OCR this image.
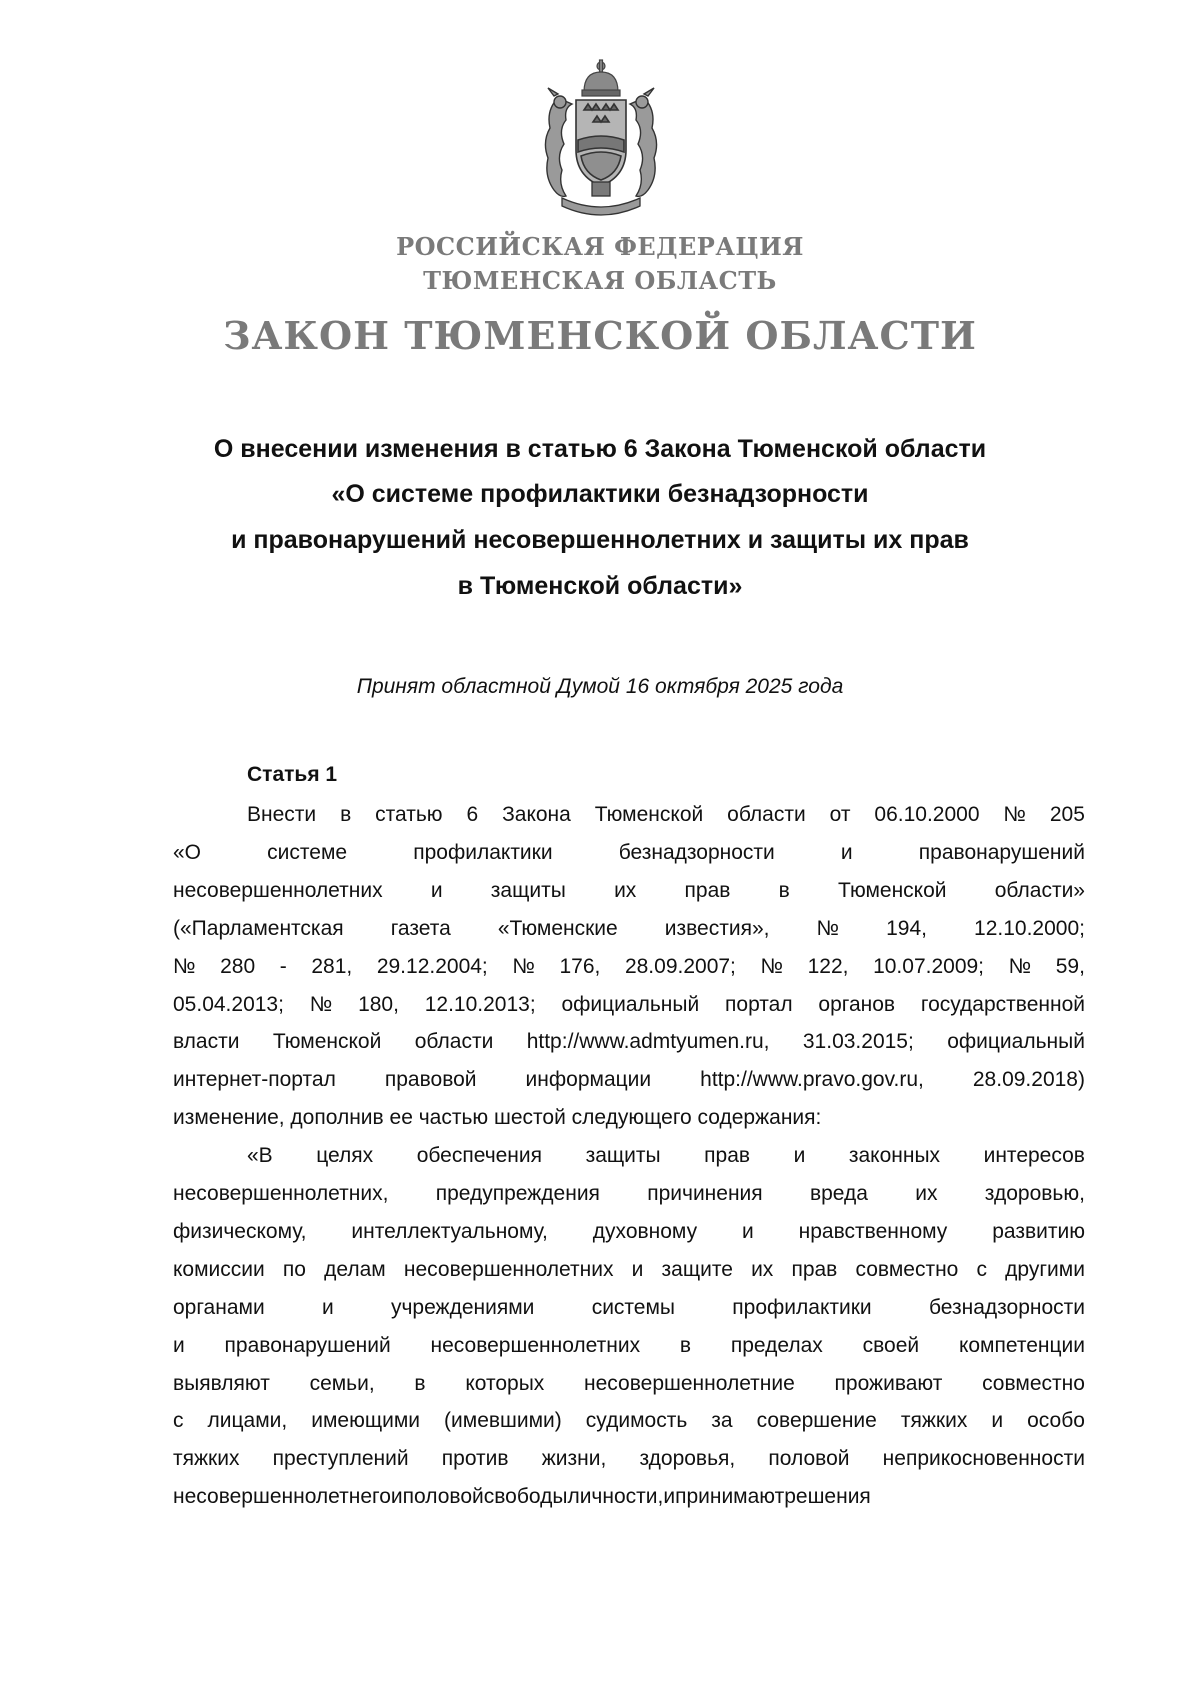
РОССИЙСКАЯ ФЕДЕРАЦИЯ
ТЮМЕНСКАЯ ОБЛАСТЬ
ЗАКОН ТЮМЕНСКОЙ ОБЛАСТИ
О внесении изменения в статью 6 Закона Тюменской области
«О системе профилактики безнадзорности
и правонарушений несовершеннолетних и защиты их прав
в Тюменской области»
Принят областной Думой 16 октября 2025 года
Статья 1
Внести в статью 6 Закона Тюменской области от 06.10.2000 № 205
«О	системе	профилактики	безнадзорности	и	правонарушений
несовершеннолетних и защиты их прав в Тюменской области»
(«Парламентская газета «Тюменские известия», № 194, 12.10.2000;
№ 280 - 281, 29.12.2004; № 176, 28.09.2007; № 122, 10.07.2009; № 59,
05.04.2013; № 180, 12.10.2013; официальный портал органов государственной
власти Тюменской области http://www.admtyumen.ru, 31.03.2015; официальный
интернет-портал правовой информации http://www.pravo.gov.ru, 28.09.2018)
изменение, дополнив ее частью шестой следующего содержания:
«В целях обеспечения защиты прав и законных интересов
несовершеннолетних, предупреждения причинения вреда их здоровью,
физическому, интеллектуальному, духовному и нравственному развитию
комиссии по делам несовершеннолетних и защите их прав совместно с другими
органами	и	учреждениями	системы	профилактики	безнадзорности
и правонарушений несовершеннолетних в пределах своей компетенции
выявляют семьи, в которых несовершеннолетние проживают совместно
с лицами, имеющими (имевшими) судимость за совершение тяжких и особо
тяжких преступлений против жизни, здоровья, половой неприкосновенности
несовершеннолетнего и половой свободы личности, и принимают решения
